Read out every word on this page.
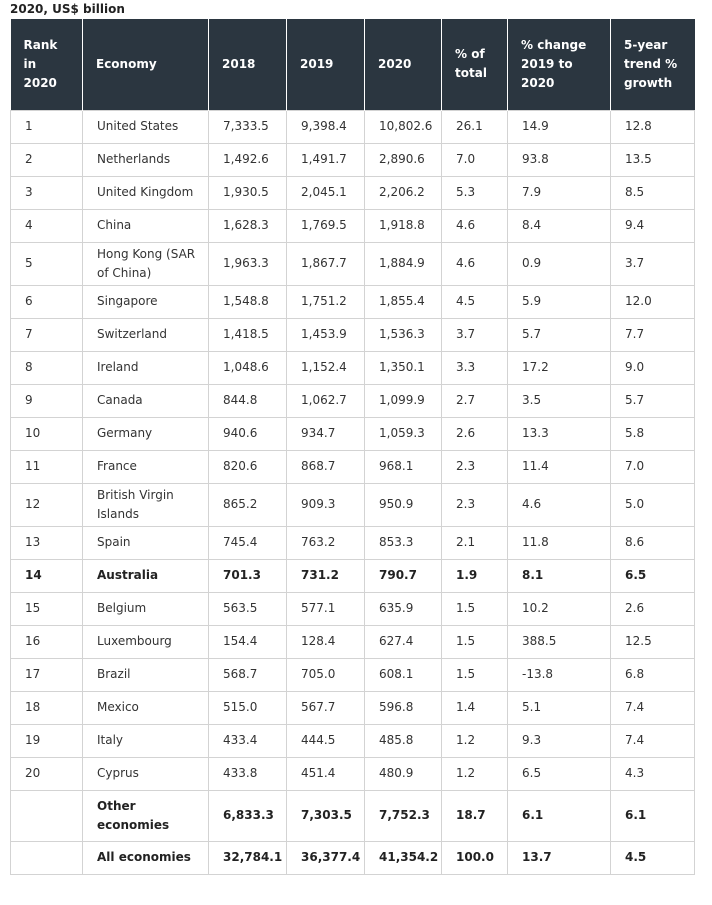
2020, US$ billion
Rank in 2020	Economy	2018	2019	2020	% of total	% change 2019 to 2020	5-year trend % growth
1	United States	7,333.5	9,398.4	10,802.6	26.1	14.9	12.8
2	Netherlands	1,492.6	1,491.7	2,890.6	7.0	93.8	13.5
3	United Kingdom	1,930.5	2,045.1	2,206.2	5.3	7.9	8.5
4	China	1,628.3	1,769.5	1,918.8	4.6	8.4	9.4
5	Hong Kong (SAR of China)	1,963.3	1,867.7	1,884.9	4.6	0.9	3.7
6	Singapore	1,548.8	1,751.2	1,855.4	4.5	5.9	12.0
7	Switzerland	1,418.5	1,453.9	1,536.3	3.7	5.7	7.7
8	Ireland	1,048.6	1,152.4	1,350.1	3.3	17.2	9.0
9	Canada	844.8	1,062.7	1,099.9	2.7	3.5	5.7
10	Germany	940.6	934.7	1,059.3	2.6	13.3	5.8
11	France	820.6	868.7	968.1	2.3	11.4	7.0
12	British Virgin Islands	865.2	909.3	950.9	2.3	4.6	5.0
13	Spain	745.4	763.2	853.3	2.1	11.8	8.6
14	Australia	701.3	731.2	790.7	1.9	8.1	6.5
15	Belgium	563.5	577.1	635.9	1.5	10.2	2.6
16	Luxembourg	154.4	128.4	627.4	1.5	388.5	12.5
17	Brazil	568.7	705.0	608.1	1.5	-13.8	6.8
18	Mexico	515.0	567.7	596.8	1.4	5.1	7.4
19	Italy	433.4	444.5	485.8	1.2	9.3	7.4
20	Cyprus	433.8	451.4	480.9	1.2	6.5	4.3
	Other economies	6,833.3	7,303.5	7,752.3	18.7	6.1	6.1
	All economies	32,784.1	36,377.4	41,354.2	100.0	13.7	4.5
